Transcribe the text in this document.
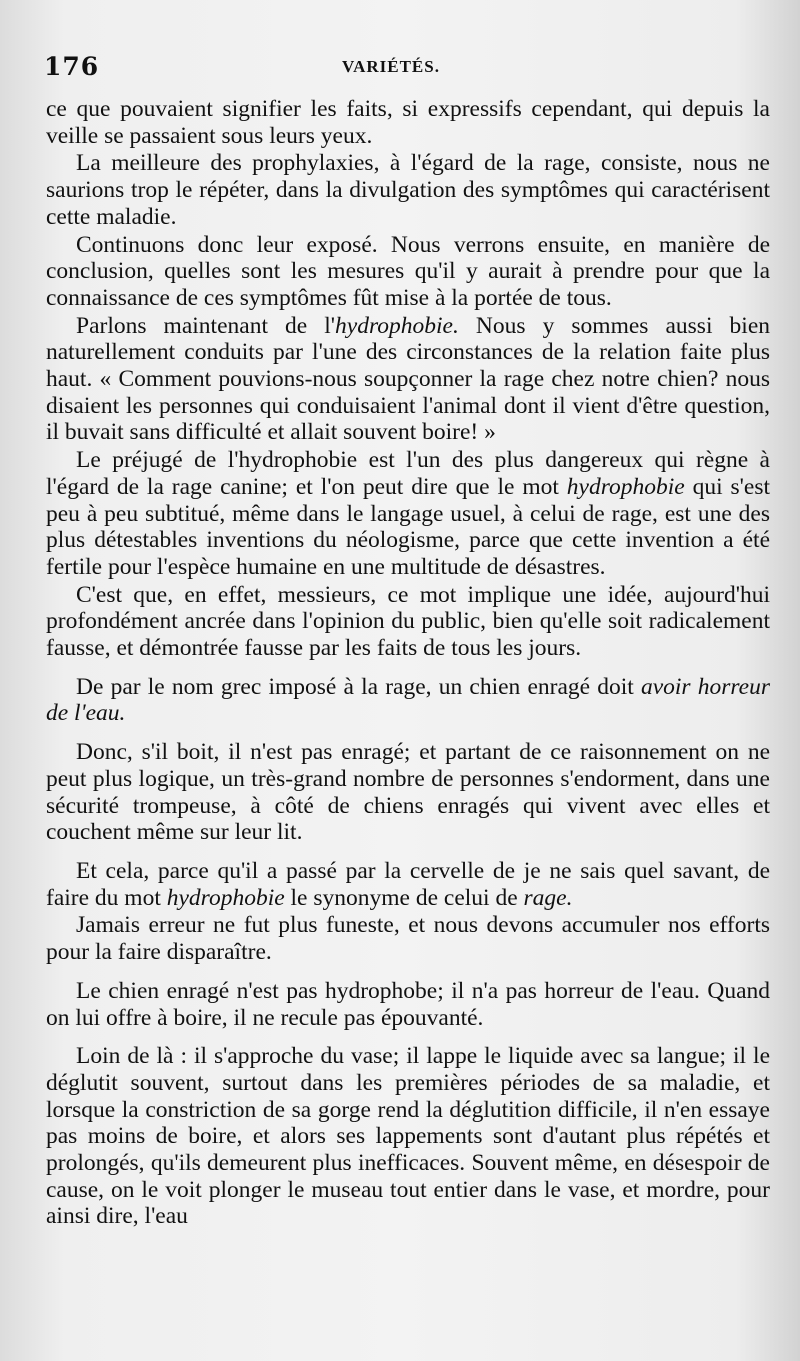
176	VARIÉTÉS.

ce que pouvaient signifier les faits, si expressifs cependant, qui depuis la veille se passaient sous leurs yeux.

La meilleure des prophylaxies, à l'égard de la rage, consiste, nous ne saurions trop le répéter, dans la divulgation des symptômes qui caractérisent cette maladie.

Continuons donc leur exposé. Nous verrons ensuite, en manière de conclusion, quelles sont les mesures qu'il y aurait à prendre pour que la connaissance de ces symptômes fût mise à la portée de tous.

Parlons maintenant de l'hydrophobie. Nous y sommes aussi bien naturellement conduits par l'une des circonstances de la relation faite plus haut. « Comment pouvions-nous soupçonner la rage chez notre chien? nous disaient les personnes qui conduisaient l'animal dont il vient d'être question, il buvait sans difficulté et allait souvent boire! »

Le préjugé de l'hydrophobie est l'un des plus dangereux qui règne à l'égard de la rage canine; et l'on peut dire que le mot hydrophobie qui s'est peu à peu subtitué, même dans le langage usuel, à celui de rage, est une des plus détestables inventions du néologisme, parce que cette invention a été fertile pour l'espèce humaine en une multitude de désastres.

C'est que, en effet, messieurs, ce mot implique une idée, aujourd'hui profondément ancrée dans l'opinion du public, bien qu'elle soit radicalement fausse, et démontrée fausse par les faits de tous les jours.

De par le nom grec imposé à la rage, un chien enragé doit avoir horreur de l'eau.

Donc, s'il boit, il n'est pas enragé; et partant de ce raisonnement on ne peut plus logique, un très-grand nombre de personnes s'endorment, dans une sécurité trompeuse, à côté de chiens enragés qui vivent avec elles et couchent même sur leur lit.

Et cela, parce qu'il a passé par la cervelle de je ne sais quel savant, de faire du mot hydrophobie le synonyme de celui de rage.

Jamais erreur ne fut plus funeste, et nous devons accumuler nos efforts pour la faire disparaître.

Le chien enragé n'est pas hydrophobe; il n'a pas horreur de l'eau. Quand on lui offre à boire, il ne recule pas épouvanté.

Loin de là : il s'approche du vase; il lappe le liquide avec sa langue; il le déglutit souvent, surtout dans les premières périodes de sa maladie, et lorsque la constriction de sa gorge rend la déglutition difficile, il n'en essaye pas moins de boire, et alors ses lappements sont d'autant plus répétés et prolongés, qu'ils demeurent plus inefficaces. Souvent même, en désespoir de cause, on le voit plonger le museau tout entier dans le vase, et mordre, pour ainsi dire, l'eau
